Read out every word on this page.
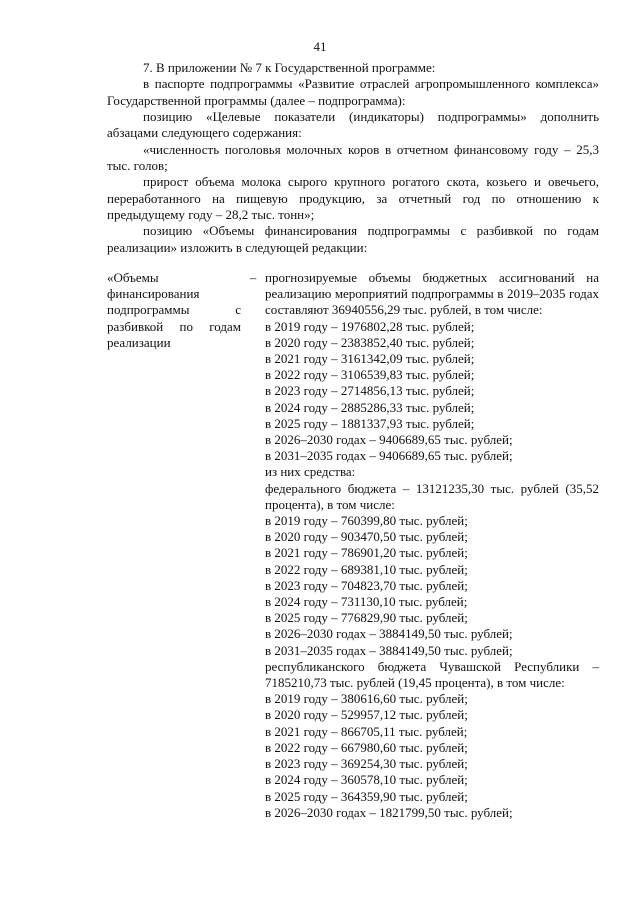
41

7. В приложении № 7 к Государственной программе:

в паспорте подпрограммы «Развитие отраслей агропромышленного комплекса» Государственной программы (далее – подпрограмма):

позицию «Целевые показатели (индикаторы) подпрограммы» дополнить абзацами следующего содержания:

«численность поголовья молочных коров в отчетном финансовому году – 25,3 тыс. голов;

прирост объема молока сырого крупного рогатого скота, козьего и овечьего, переработанного на пищевую продукцию, за отчетный год по отношению к предыдущему году – 28,2 тыс. тонн»;

позицию «Объемы финансирования подпрограммы с разбивкой по годам реализации» изложить в следующей редакции:

«Объемы финансирования подпрограммы с разбивкой по годам реализации
– прогнозируемые объемы бюджетных ассигнований на реализацию мероприятий подпрограммы в 2019–2035 годах составляют 36940556,29 тыс. рублей, в том числе:
в 2019 году – 1976802,28 тыс. рублей;
в 2020 году – 2383852,40 тыс. рублей;
в 2021 году – 3161342,09 тыс. рублей;
в 2022 году – 3106539,83 тыс. рублей;
в 2023 году – 2714856,13 тыс. рублей;
в 2024 году – 2885286,33 тыс. рублей;
в 2025 году – 1881337,93 тыс. рублей;
в 2026–2030 годах – 9406689,65 тыс. рублей;
в 2031–2035 годах – 9406689,65 тыс. рублей;
из них средства:
федерального бюджета – 13121235,30 тыс. рублей (35,52 процента), в том числе:
в 2019 году – 760399,80 тыс. рублей;
в 2020 году – 903470,50 тыс. рублей;
в 2021 году – 786901,20 тыс. рублей;
в 2022 году – 689381,10 тыс. рублей;
в 2023 году – 704823,70 тыс. рублей;
в 2024 году – 731130,10 тыс. рублей;
в 2025 году – 776829,90 тыс. рублей;
в 2026–2030 годах – 3884149,50 тыс. рублей;
в 2031–2035 годах – 3884149,50 тыс. рублей;
республиканского бюджета Чувашской Республики – 7185210,73 тыс. рублей (19,45 процента), в том числе:
в 2019 году – 380616,60 тыс. рублей;
в 2020 году – 529957,12 тыс. рублей;
в 2021 году – 866705,11 тыс. рублей;
в 2022 году – 667980,60 тыс. рублей;
в 2023 году – 369254,30 тыс. рублей;
в 2024 году – 360578,10 тыс. рублей;
в 2025 году – 364359,90 тыс. рублей;
в 2026–2030 годах – 1821799,50 тыс. рублей;
